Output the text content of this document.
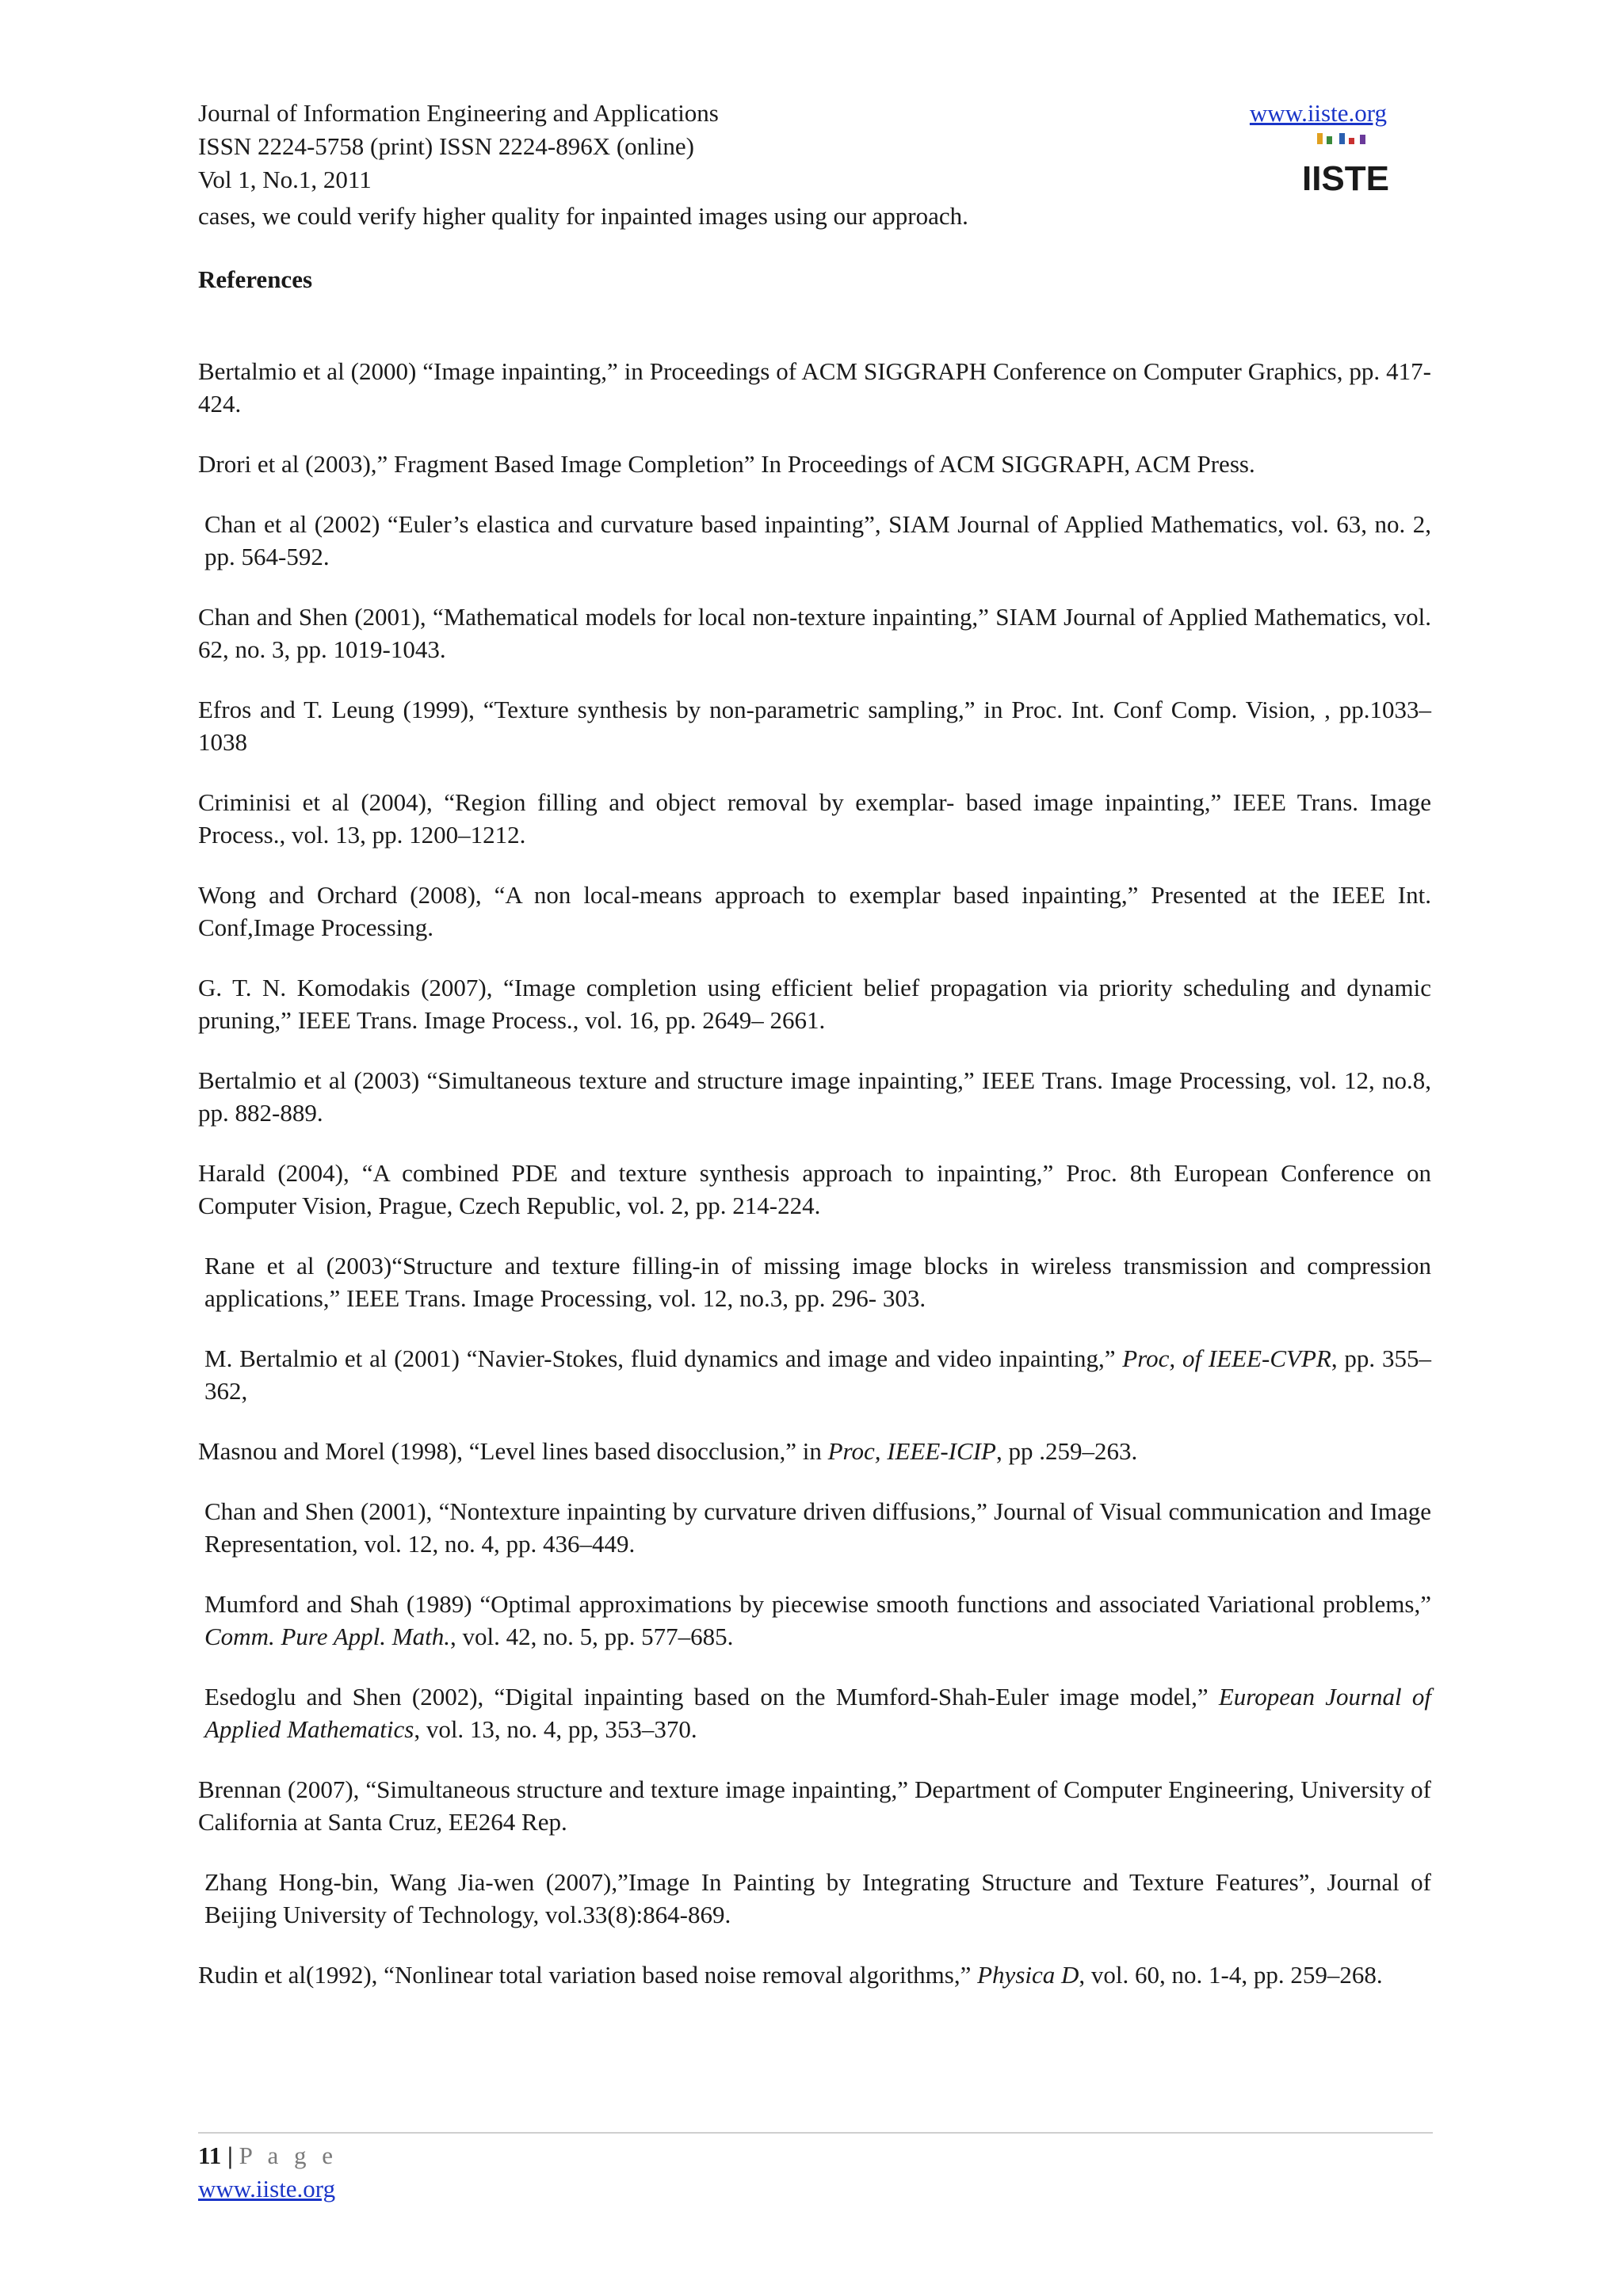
Journal of Information Engineering and Applications
ISSN 2224-5758 (print) ISSN 2224-896X (online)
Vol 1, No.1, 2011
www.iiste.org
IISTE
cases, we could verify higher quality for inpainted images using our approach.
References

Bertalmio et al (2000) “Image inpainting,” in Proceedings of ACM SIGGRAPH Conference on Computer Graphics, pp. 417-424.

Drori et al (2003),” Fragment Based Image Completion” In Proceedings of ACM SIGGRAPH, ACM Press.

Chan et al (2002) “Euler’s elastica and curvature based inpainting”, SIAM Journal of Applied Mathematics, vol. 63, no. 2, pp. 564-592.

Chan and Shen (2001), “Mathematical models for local non-texture inpainting,” SIAM Journal of Applied Mathematics, vol. 62, no. 3, pp. 1019-1043.

Efros and T. Leung (1999), “Texture synthesis by non-parametric sampling,” in Proc. Int. Conf Comp. Vision, , pp.1033–1038

Criminisi et al (2004), “Region filling and object removal by exemplar- based image inpainting,” IEEE Trans. Image Process., vol. 13, pp. 1200–1212.

Wong and Orchard (2008), “A non local-means approach to exemplar based inpainting,” Presented at the IEEE Int. Conf,Image Processing.

G. T. N. Komodakis (2007), “Image completion using efficient belief propagation via priority scheduling and dynamic pruning,” IEEE Trans. Image Process., vol. 16, pp. 2649– 2661.

Bertalmio et al (2003) “Simultaneous texture and structure image inpainting,” IEEE Trans. Image Processing, vol. 12, no.8, pp. 882-889.

Harald (2004), “A combined PDE and texture synthesis approach to inpainting,” Proc. 8th European Conference on Computer Vision, Prague, Czech Republic, vol. 2, pp. 214-224.

Rane et al (2003)“Structure and texture filling-in of missing image blocks in wireless transmission and compression applications,” IEEE Trans. Image Processing, vol. 12, no.3, pp. 296- 303.

M. Bertalmio et al (2001) “Navier-Stokes, fluid dynamics and image and video inpainting,” Proc, of IEEE-CVPR, pp. 355–362,

Masnou and Morel (1998), “Level lines based disocclusion,” in Proc, IEEE-ICIP, pp .259–263.

Chan and Shen (2001), “Nontexture inpainting by curvature driven diffusions,” Journal of Visual communication and Image Representation, vol. 12, no. 4, pp. 436–449.

Mumford and Shah (1989) “Optimal approximations by piecewise smooth functions and associated Variational problems,” Comm. Pure Appl. Math., vol. 42, no. 5, pp. 577–685.

Esedoglu and Shen (2002), “Digital inpainting based on the Mumford-Shah-Euler image model,” European Journal of Applied Mathematics, vol. 13, no. 4, pp, 353–370.

Brennan (2007), “Simultaneous structure and texture image inpainting,” Department of Computer Engineering, University of California at Santa Cruz, EE264 Rep.

Zhang Hong-bin, Wang Jia-wen (2007),”Image In Painting by Integrating Structure and Texture Features”, Journal of Beijing University of Technology, vol.33(8):864-869.

Rudin et al(1992), “Nonlinear total variation based noise removal algorithms,” Physica D, vol. 60, no. 1-4, pp. 259–268.

11 | P a g e
www.iiste.org
